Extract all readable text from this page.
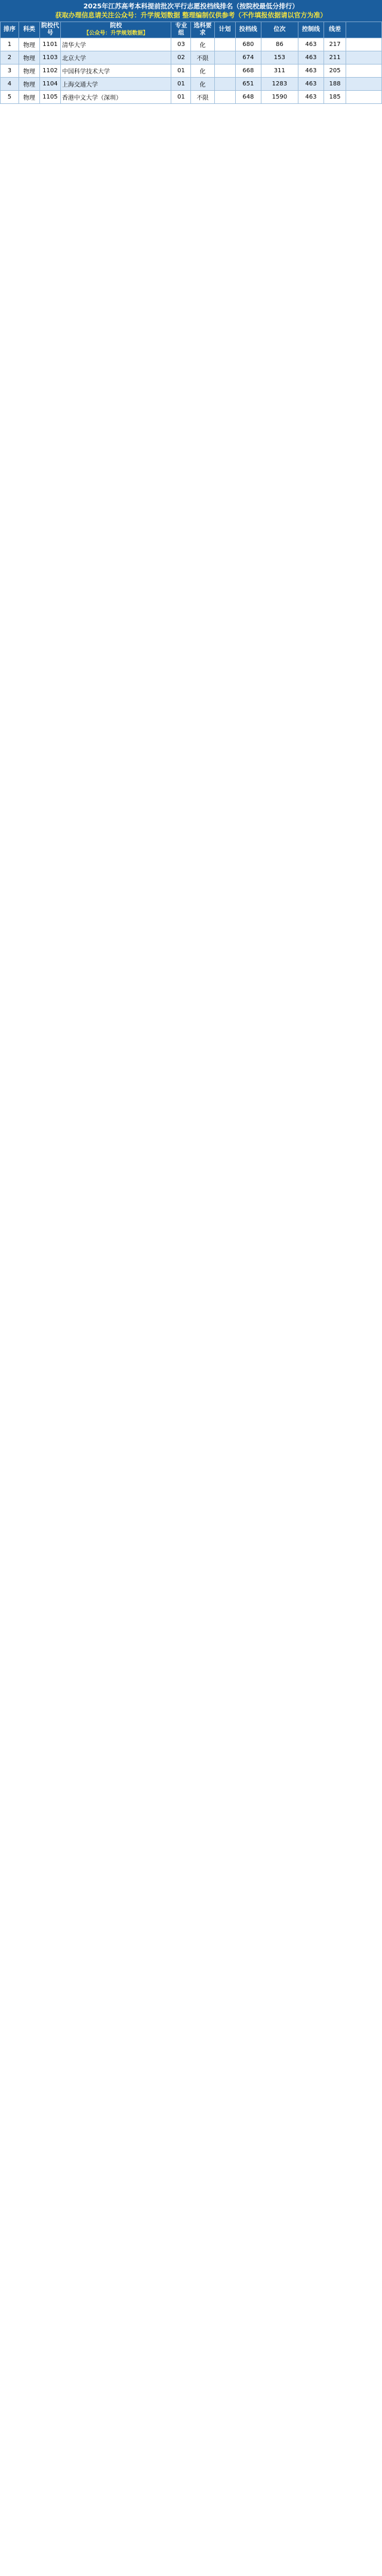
2025年江苏高考本科提前批次平行志愿投档线排名（按院校最低分排行）
获取办理信息请关注公众号：升学规划数据 整理编制仅供参考（不作填报依据请以官方为准）
排序	科类	院校代号	院校
【公众号：升学规划数据】	专业组	选科要求	计划	投档线	位次	控制线	线差	
1	物理	1101	清华大学	03	化		680	86	463	217	
2	物理	1103	北京大学	02	不限		674	153	463	211	
3	物理	1102	中国科学技术大学	01	化		668	311	463	205	
4	物理	1104	上海交通大学	01	化		651	1283	463	188	
5	物理	1105	香港中文大学（深圳）	01	不限		648	1590	463	185	
